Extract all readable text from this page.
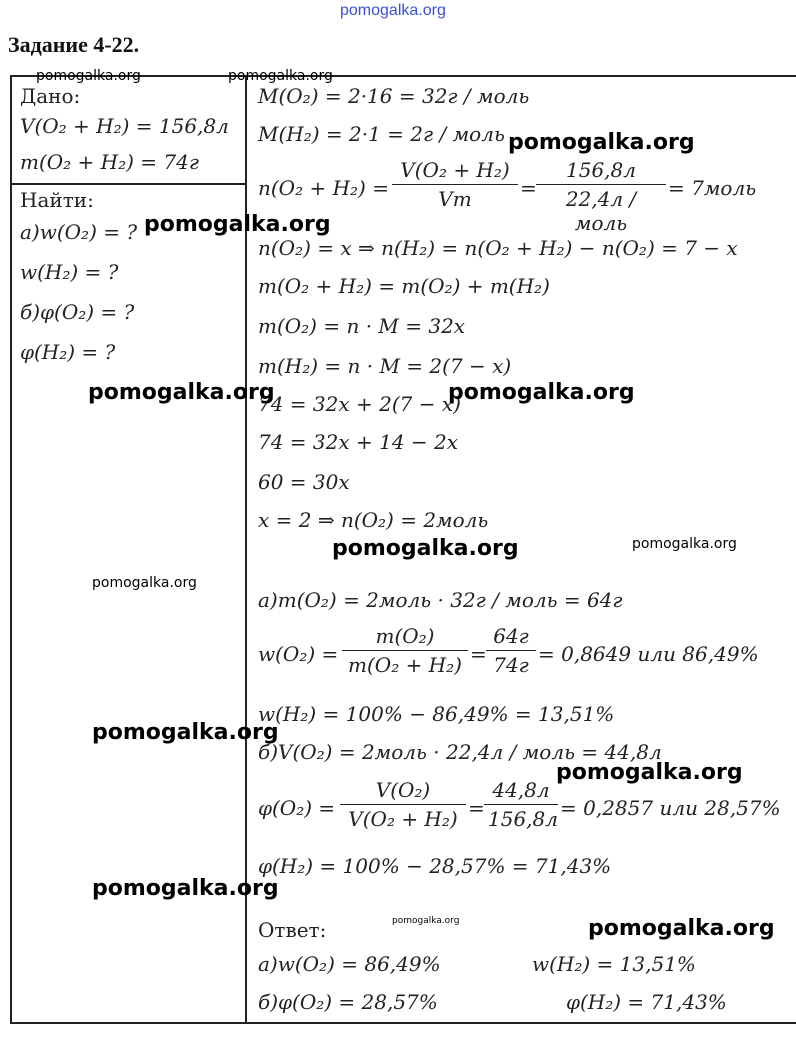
pomogalka.org
Задание 4-22.
Дано:
V(O₂ + H₂) = 156,8л
m(O₂ + H₂) = 74г
Найти:
а)w(O₂) = ?
w(H₂) = ?
б)φ(O₂) = ?
φ(H₂) = ?
M(O₂) = 2·16 = 32г / моль
M(H₂) = 2·1 = 2г / моль
n(O₂ + H₂) =
V(O₂ + H₂)
Vm	=
156,8л
22,4л / моль
= 7моль
n(O₂) = x ⇒ n(H₂) = n(O₂ + H₂) − n(O₂) = 7 − x
m(O₂ + H₂) = m(O₂) + m(H₂)
m(O₂) = n · M = 32x
m(H₂) = n · M = 2(7 − x)
74 = 32x + 2(7 − x)
74 = 32x + 14 − 2x
60 = 30x
x = 2 ⇒ n(O₂) = 2моль
а)m(O₂) = 2моль · 32г / моль = 64г
w(O₂) =
m(O₂)
m(O₂ + H₂) =
64г
74г = 0,8649 или 86,49%
w(H₂) = 100% − 86,49% = 13,51%
б)V(O₂) = 2моль · 22,4л / моль = 44,8л
φ(O₂) =
V(O₂)
V(O₂ + H₂) =
44,8л
156,8л = 0,2857 или 28,57%
φ(H₂) = 100% − 28,57% = 71,43%
Ответ:
а)w(O₂) = 86,49%	w(H₂) = 13,51%
б)φ(O₂) = 28,57%	φ(H₂) = 71,43%
pomogalka.org	pomogalka.org
pomogalka.org
pomogalka.org
pomogalka.org	pomogalka.org
pomogalka.org	pomogalka.org
pomogalka.org
pomogalka.org
pomogalka.org
pomogalka.org
pomogalka.org	pomogalka.org
